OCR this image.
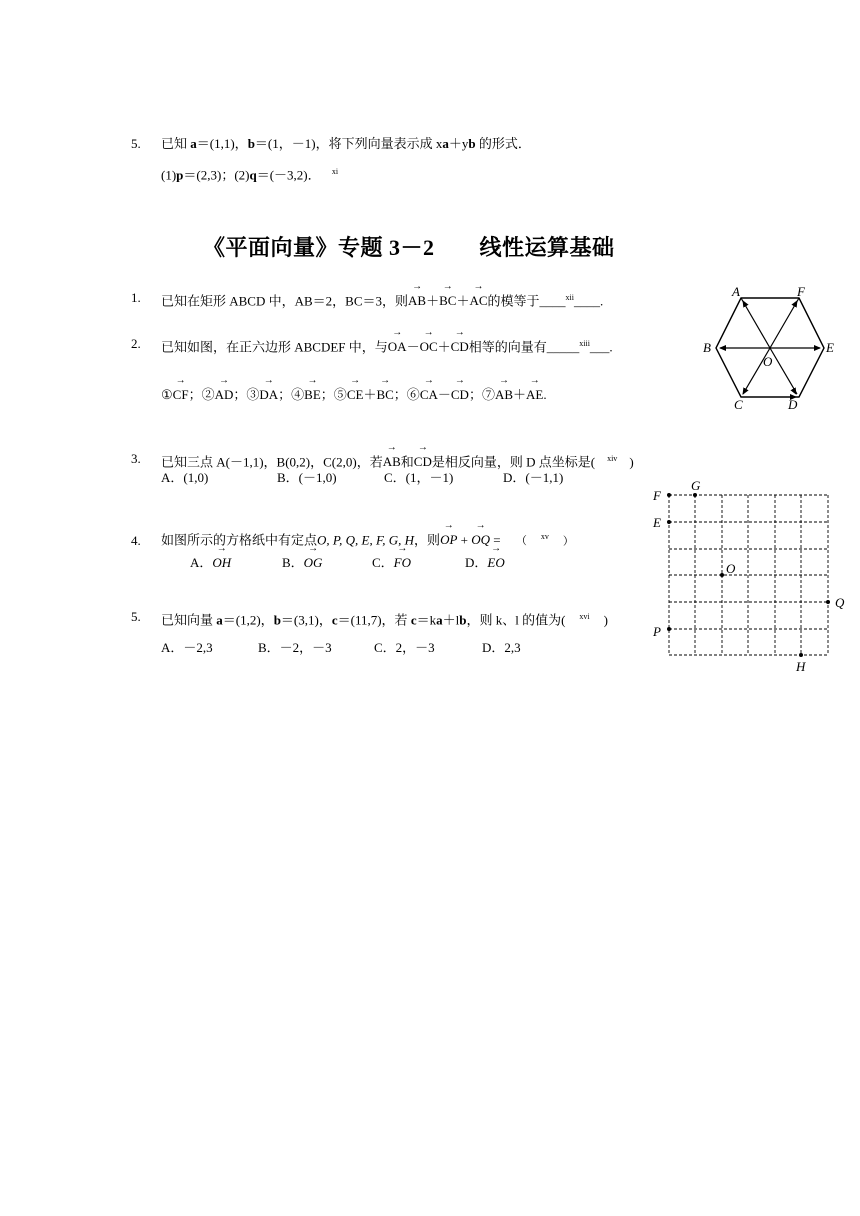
5. 已知 a＝(1,1)，b＝(1，－1)，将下列向量表示成 xa＋yb 的形式．
(1)p＝(2,3)；(2)q＝(－3,2)． $^{xi}$
《平面向量》专题 3－2　　线性运算基础
1. 已知在矩形 ABCD 中，AB＝2，BC＝3，则→ AB＋→ BC＋→ AC的模等于____$^{xii}$____.
2. 已知如图，在正六边形 ABCDEF 中，与→ OA－→ OC＋→ CD相等的向量有_____$^{xiii}$___.
①→ CF；②→ AD；③→ DA；④→ BE；⑤→ CE＋→ BC；⑥→ CA－→ CD；⑦→ AB＋→ AE.
A	F
B
O
E
C	D
3. 已知三点 A(－1,1)，B(0,2)，C(2,0)，若→ AB和→ CD是相反向量，则 D 点坐标是( $^{xiv}$ )
A．(1,0)	B．(－1,0)	C．(1，－1)	D．(－1,1)
4. 如图所示的方格纸中有定点O, P, Q, E, F, G, H，则→ OP + → OQ = （ $^{xv}$ ）
A．→ OH	B．→ OG	C．→ FO	D．→ EO
F
G
E
O
Q
P
H
5. 已知向量 a＝(1,2)，b＝(3,1)，c＝(11,7)，若 c＝ka＋lb，则 k、l 的值为( $^{xvi}$ )
A．－2,3	B．－2，－3	C．2，－3	D．2,3
